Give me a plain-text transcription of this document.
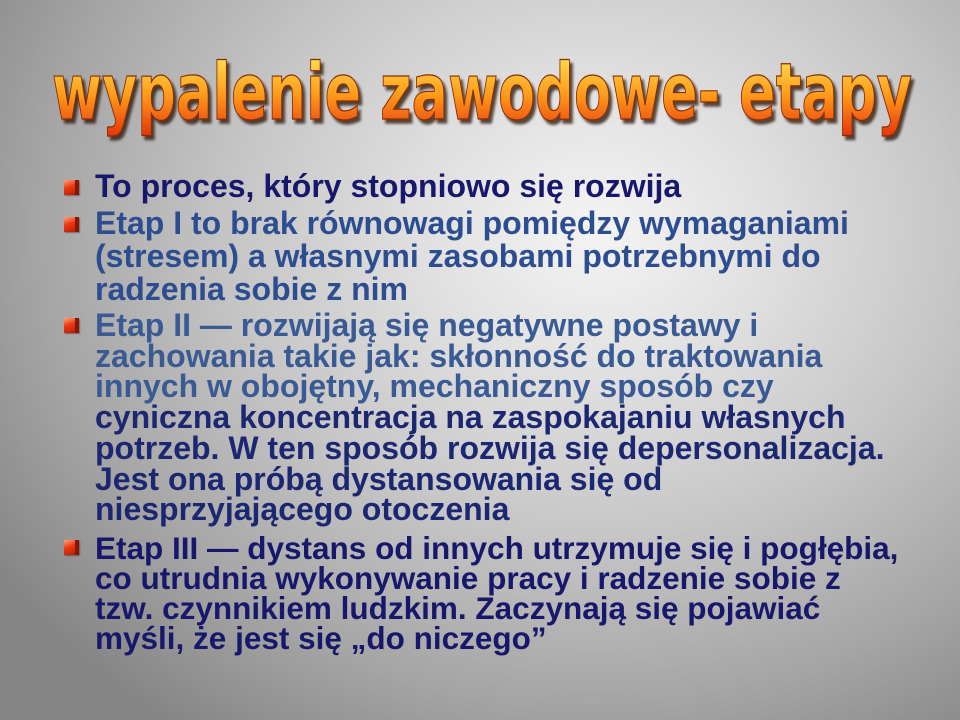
wypalenie zawodowe- etapy
To proces, który stopniowo się rozwija
Etap I to brak równowagi pomiędzy wymaganiami
(stresem) a własnymi zasobami potrzebnymi do
radzenia sobie z nim
Etap II — rozwijają się negatywne postawy i
zachowania takie jak: skłonność do traktowania
innych w obojętny, mechaniczny sposób czy
cyniczna koncentracja na zaspokajaniu własnych
potrzeb. W ten sposób rozwija się depersonalizacja.
Jest ona próbą dystansowania się od
niesprzyjającego otoczenia
Etap III — dystans od innych utrzymuje się i pogłębia,
co utrudnia wykonywanie pracy i radzenie sobie z
tzw. czynnikiem ludzkim. Zaczynają się pojawiać
myśli, że jest się „do niczego”
